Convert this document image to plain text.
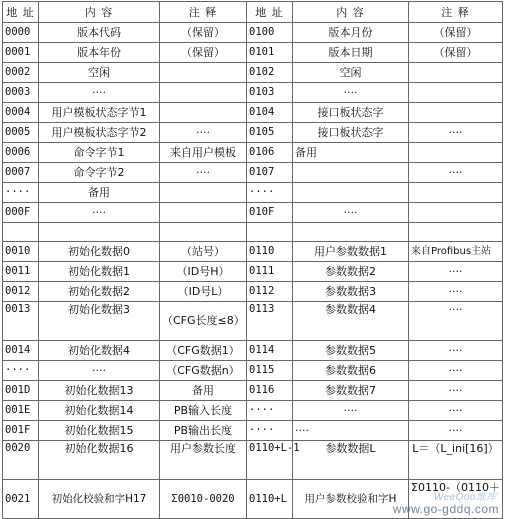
地 址	内 容	注 释	地 址	内 容	注 释
0000	版本代码	（保留）	0100	版本月份	（保留）
0001	版本年份	（保留）	0101	版本日期	（保留）
0002	空闲		0102	空闲	
0003	····		0103	····	
0004	用户模板状态字节1		0104	接口板状态字	
0005	用户模板状态字节2	····	0105	接口板状态字	····
0006	命令字节1	来自用户模板	0106	备用	
0007	命令字节2	····	0107		····
····	备用		····		
000F	····		010F	····	

0010	初始化数据0	（站号）	0110	用户参数数据1	来自Profibus主站
0011	初始化数据1	（ID号H）	0111	参数数据2	····
0012	初始化数据2	（ID号L）	0112	参数数据3	····
0013	初始化数据3	（CFG长度≤8）	0113	参数数据4	····
0014	初始化数据4	（CFG数据1）	0114	参数数据5	····
····	····	（CFG数据n）	0115	参数数据6	····
001D	初始化数据13	备用	0116	参数数据7	····
001E	初始化数据14	PB输入长度	····	····	····
001F	初始化数据15	PB输出长度	····	····	····
0020	初始化数据16	用户参数长度	0110+L-1	参数数据L	L＝（L_ini[16]）
0021	初始化校验和字H17	Σ0010-0020	0110+L	用户参数校验和字H	Σ0110-（0110＋
WeeQoo维库
www.go-gddq.com
